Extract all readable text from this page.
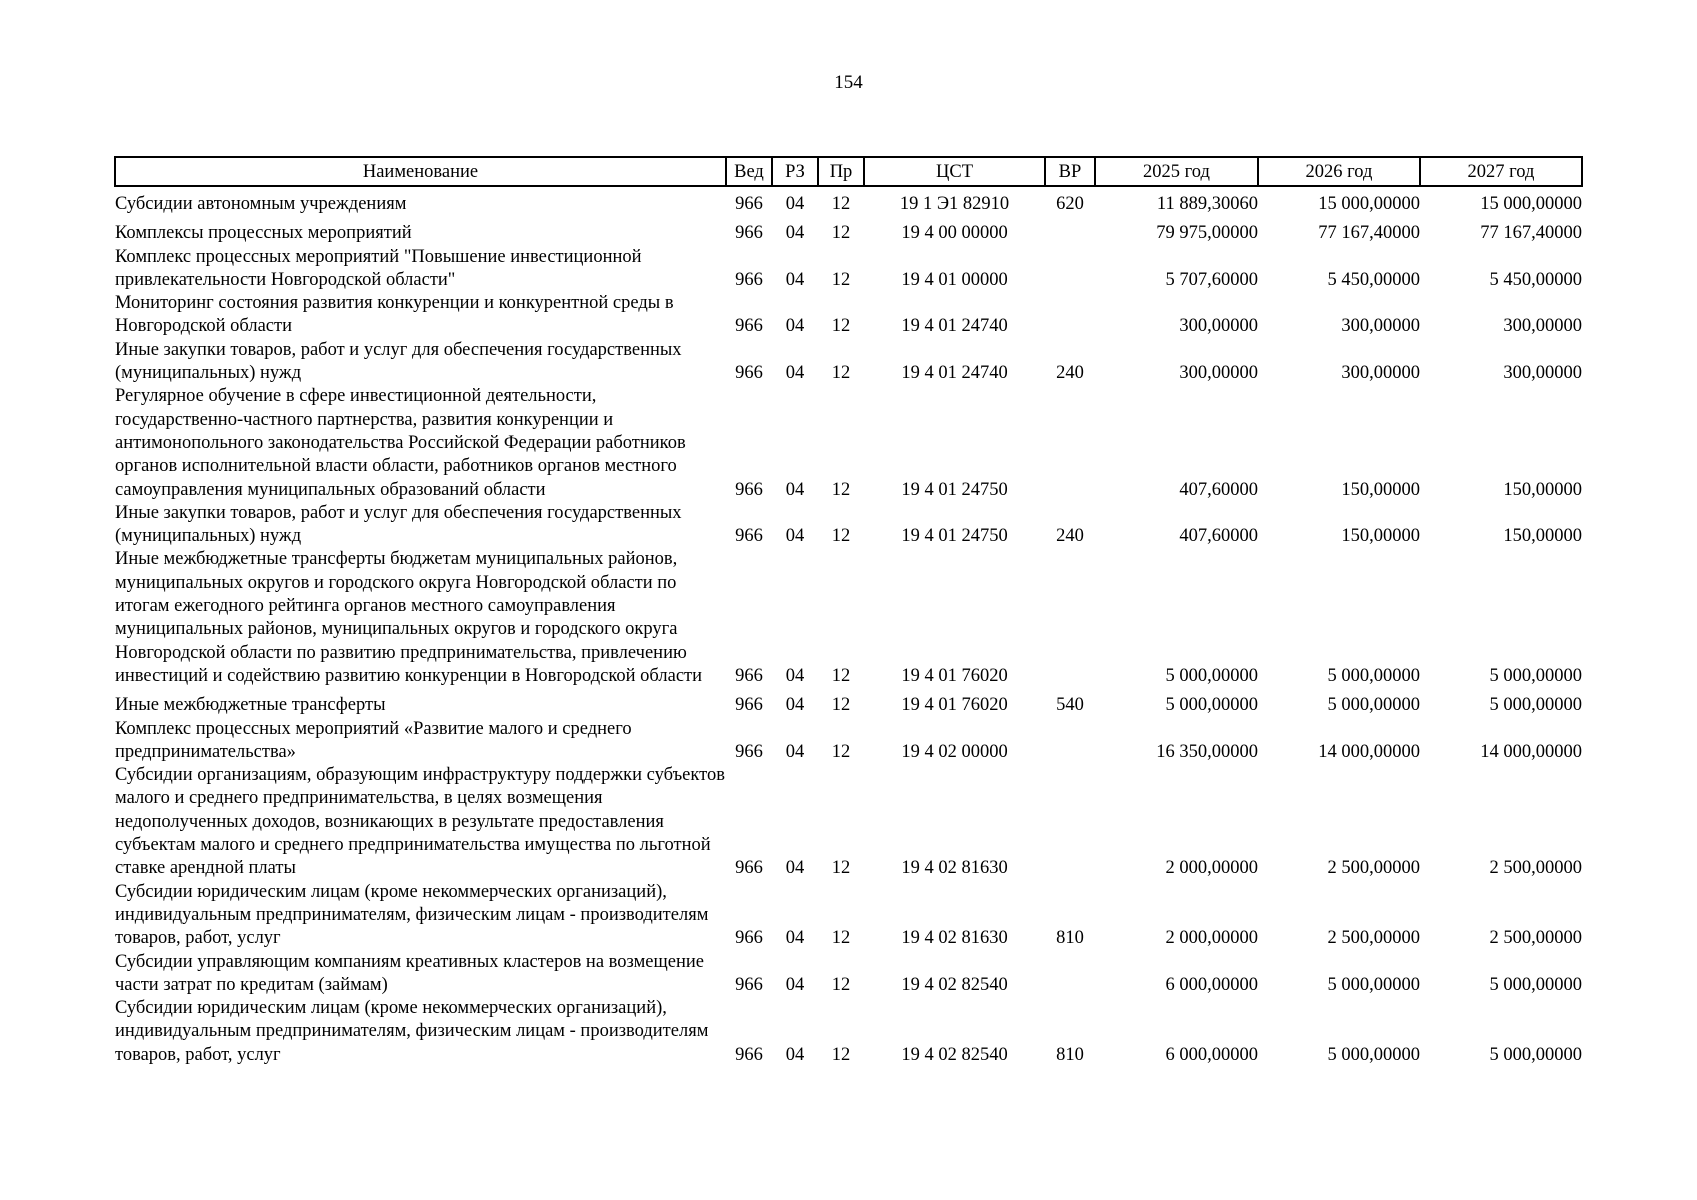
154
Наименование	Вед	РЗ	Пр	ЦСТ	ВР	2025 год	2026 год	2027 год
Субсидии автономным учреждениям	966	04	12	19 1 Э1 82910	620	11 889,30060	15 000,00000	15 000,00000
Комплексы процессных мероприятий	966	04	12	19 4 00 00000		79 975,00000	77 167,40000	77 167,40000
Комплекс процессных мероприятий "Повышение инвестиционной привлекательности Новгородской области"	966	04	12	19 4 01 00000		5 707,60000	5 450,00000	5 450,00000
Мониторинг состояния развития конкуренции и конкурентной среды в Новгородской области	966	04	12	19 4 01 24740		300,00000	300,00000	300,00000
Иные закупки товаров, работ и услуг для обеспечения государственных (муниципальных) нужд	966	04	12	19 4 01 24740	240	300,00000	300,00000	300,00000
Регулярное обучение в сфере инвестиционной деятельности, государственно-частного партнерства, развития конкуренции и антимонопольного законодательства Российской Федерации работников органов исполнительной власти области, работников органов местного самоуправления муниципальных образований области	966	04	12	19 4 01 24750		407,60000	150,00000	150,00000
Иные закупки товаров, работ и услуг для обеспечения государственных (муниципальных) нужд	966	04	12	19 4 01 24750	240	407,60000	150,00000	150,00000
Иные межбюджетные трансферты бюджетам муниципальных районов, муниципальных округов и городского округа Новгородской области по итогам ежегодного рейтинга органов местного самоуправления муниципальных районов, муниципальных округов и городского округа Новгородской области по развитию предпринимательства, привлечению инвестиций и содействию развитию конкуренции в Новгородской области	966	04	12	19 4 01 76020		5 000,00000	5 000,00000	5 000,00000
Иные межбюджетные трансферты	966	04	12	19 4 01 76020	540	5 000,00000	5 000,00000	5 000,00000
Комплекс процессных мероприятий «Развитие малого и среднего предпринимательства»	966	04	12	19 4 02 00000		16 350,00000	14 000,00000	14 000,00000
Субсидии организациям, образующим инфраструктуру поддержки субъектов малого и среднего предпринимательства, в целях возмещения недополученных доходов, возникающих в результате предоставления субъектам малого и среднего предпринимательства имущества по льготной ставке арендной платы	966	04	12	19 4 02 81630		2 000,00000	2 500,00000	2 500,00000
Субсидии юридическим лицам (кроме некоммерческих организаций), индивидуальным предпринимателям, физическим лицам - производителям товаров, работ, услуг	966	04	12	19 4 02 81630	810	2 000,00000	2 500,00000	2 500,00000
Субсидии управляющим компаниям креативных кластеров на возмещение части затрат по кредитам (займам)	966	04	12	19 4 02 82540		6 000,00000	5 000,00000	5 000,00000
Субсидии юридическим лицам (кроме некоммерческих организаций), индивидуальным предпринимателям, физическим лицам - производителям товаров, работ, услуг	966	04	12	19 4 02 82540	810	6 000,00000	5 000,00000	5 000,00000
